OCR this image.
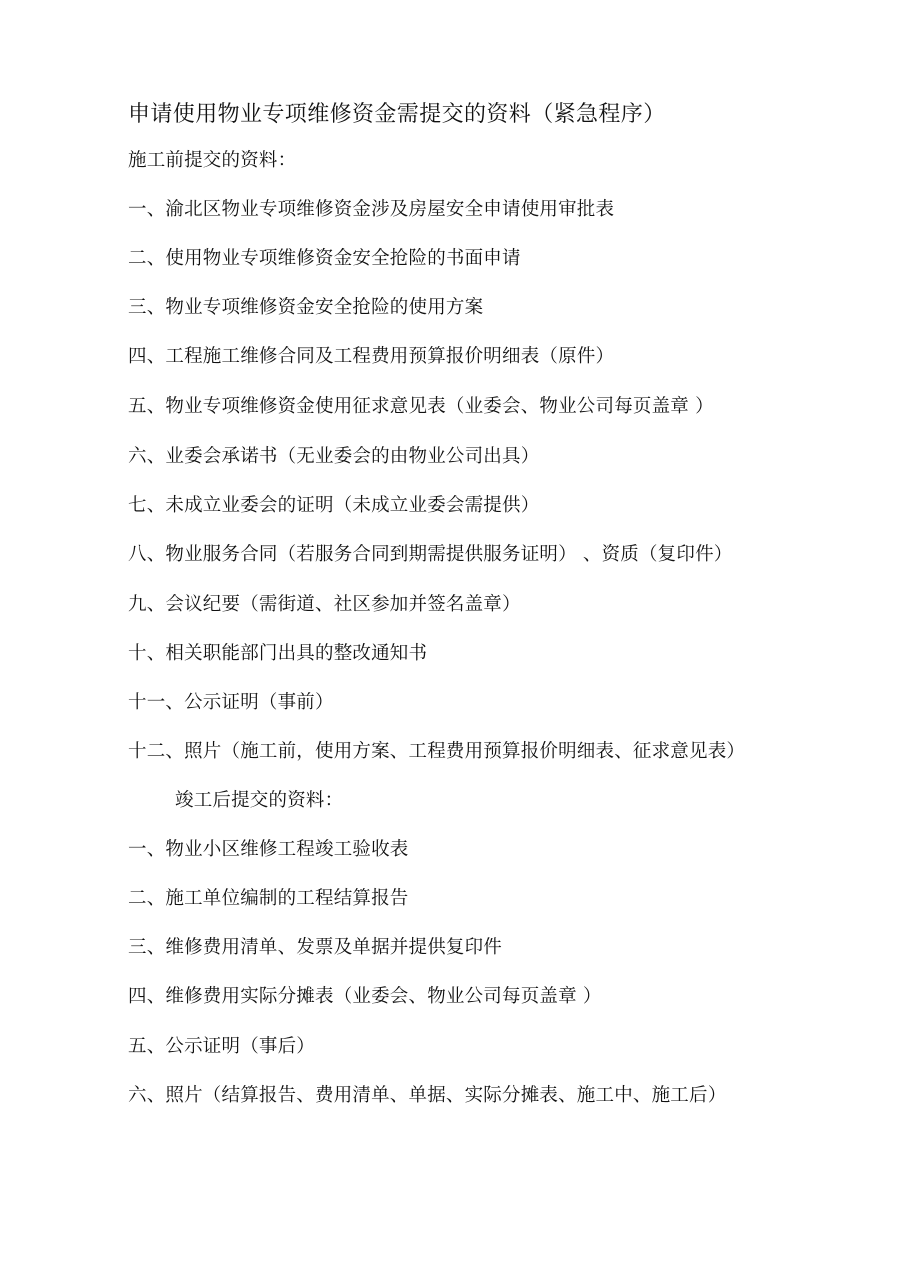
申请使用物业专项维修资金需提交的资料（紧急程序）
施工前提交的资料：
一、渝北区物业专项维修资金涉及房屋安全申请使用审批表
二、使用物业专项维修资金安全抢险的书面申请
三、物业专项维修资金安全抢险的使用方案
四、工程施工维修合同及工程费用预算报价明细表（原件）
五、物业专项维修资金使用征求意见表（业委会、物业公司每页盖章 ）
六、业委会承诺书（无业委会的由物业公司出具）
七、未成立业委会的证明（未成立业委会需提供）
八、物业服务合同（若服务合同到期需提供服务证明） 、资质（复印件）
九、会议纪要（需街道、社区参加并签名盖章）
十、相关职能部门出具的整改通知书
十一、公示证明（事前）
十二、照片（施工前，使用方案、工程费用预算报价明细表、征求意见表）
竣工后提交的资料：
一、物业小区维修工程竣工验收表
二、施工单位编制的工程结算报告
三、维修费用清单、发票及单据并提供复印件
四、维修费用实际分摊表（业委会、物业公司每页盖章 ）
五、公示证明（事后）
六、照片（结算报告、费用清单、单据、实际分摊表、施工中、施工后）
